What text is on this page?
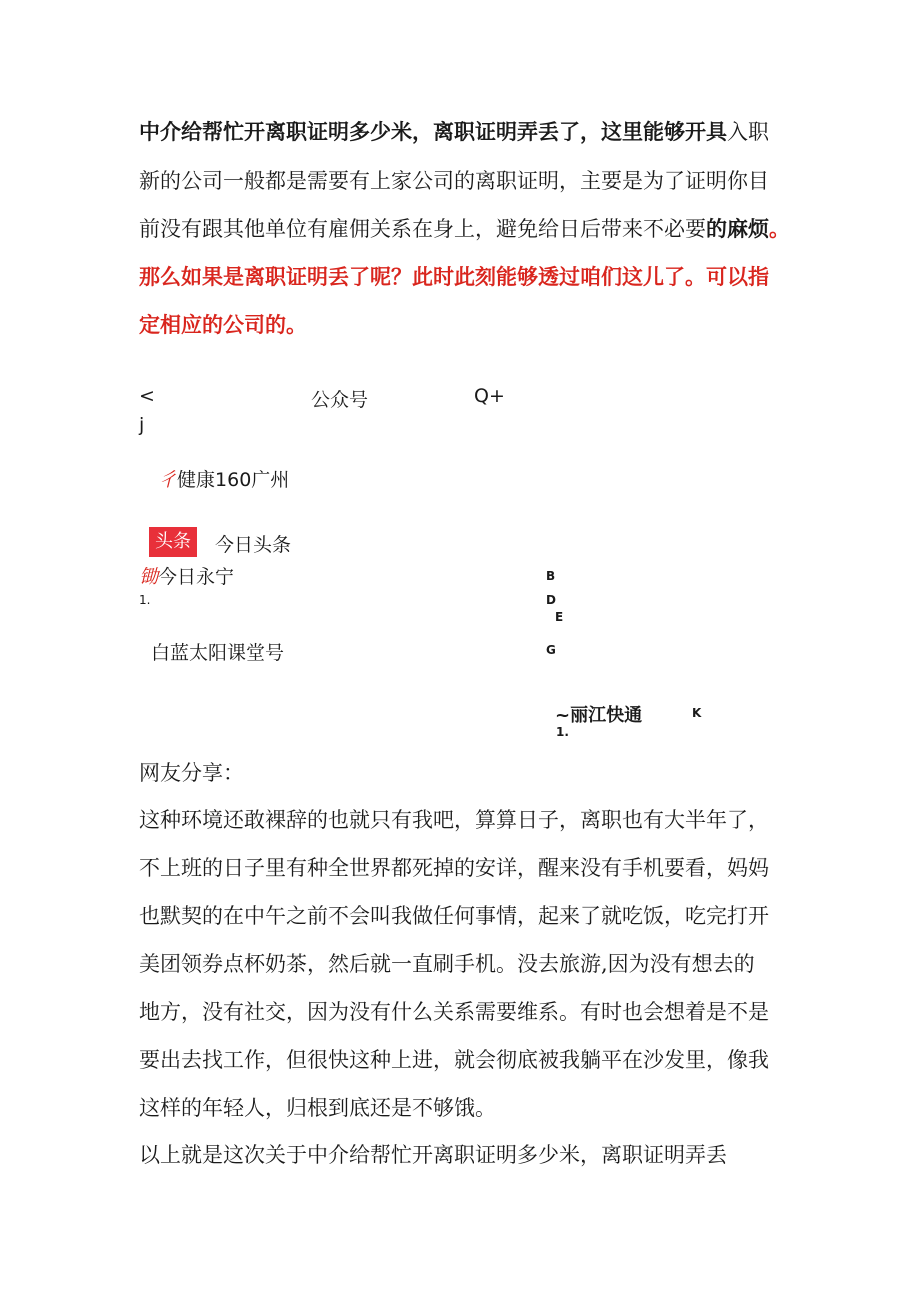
中介给帮忙开离职证明多少米，离职证明弄丢了，这里能够开具入职
新的公司一般都是需要有上家公司的离职证明，主要是为了证明你目
前没有跟其他单位有雇佣关系在身上，避免给日后带来不必要的麻烦。
那么如果是离职证明丢了呢？此时此刻能够透过咱们这儿了。可以指
定相应的公司的。
<	公众号	Q+
j
彳健康160广州
头条	今日头条
锄今日永宁
1.
白蓝太阳课堂号
B
D
E
G
~丽江快通	K
1.
网友分享：
这种环境还敢裸辞的也就只有我吧，算算日子，离职也有大半年了，
不上班的日子里有种全世界都死掉的安详，醒来没有手机要看，妈妈
也默契的在中午之前不会叫我做任何事情，起来了就吃饭，吃完打开
美团领券点杯奶茶，然后就一直刷手机。没去旅游,因为没有想去的
地方，没有社交，因为没有什么关系需要维系。有时也会想着是不是
要出去找工作，但很快这种上进，就会彻底被我躺平在沙发里，像我
这样的年轻人，归根到底还是不够饿。
以上就是这次关于中介给帮忙开离职证明多少米，离职证明弄丢
